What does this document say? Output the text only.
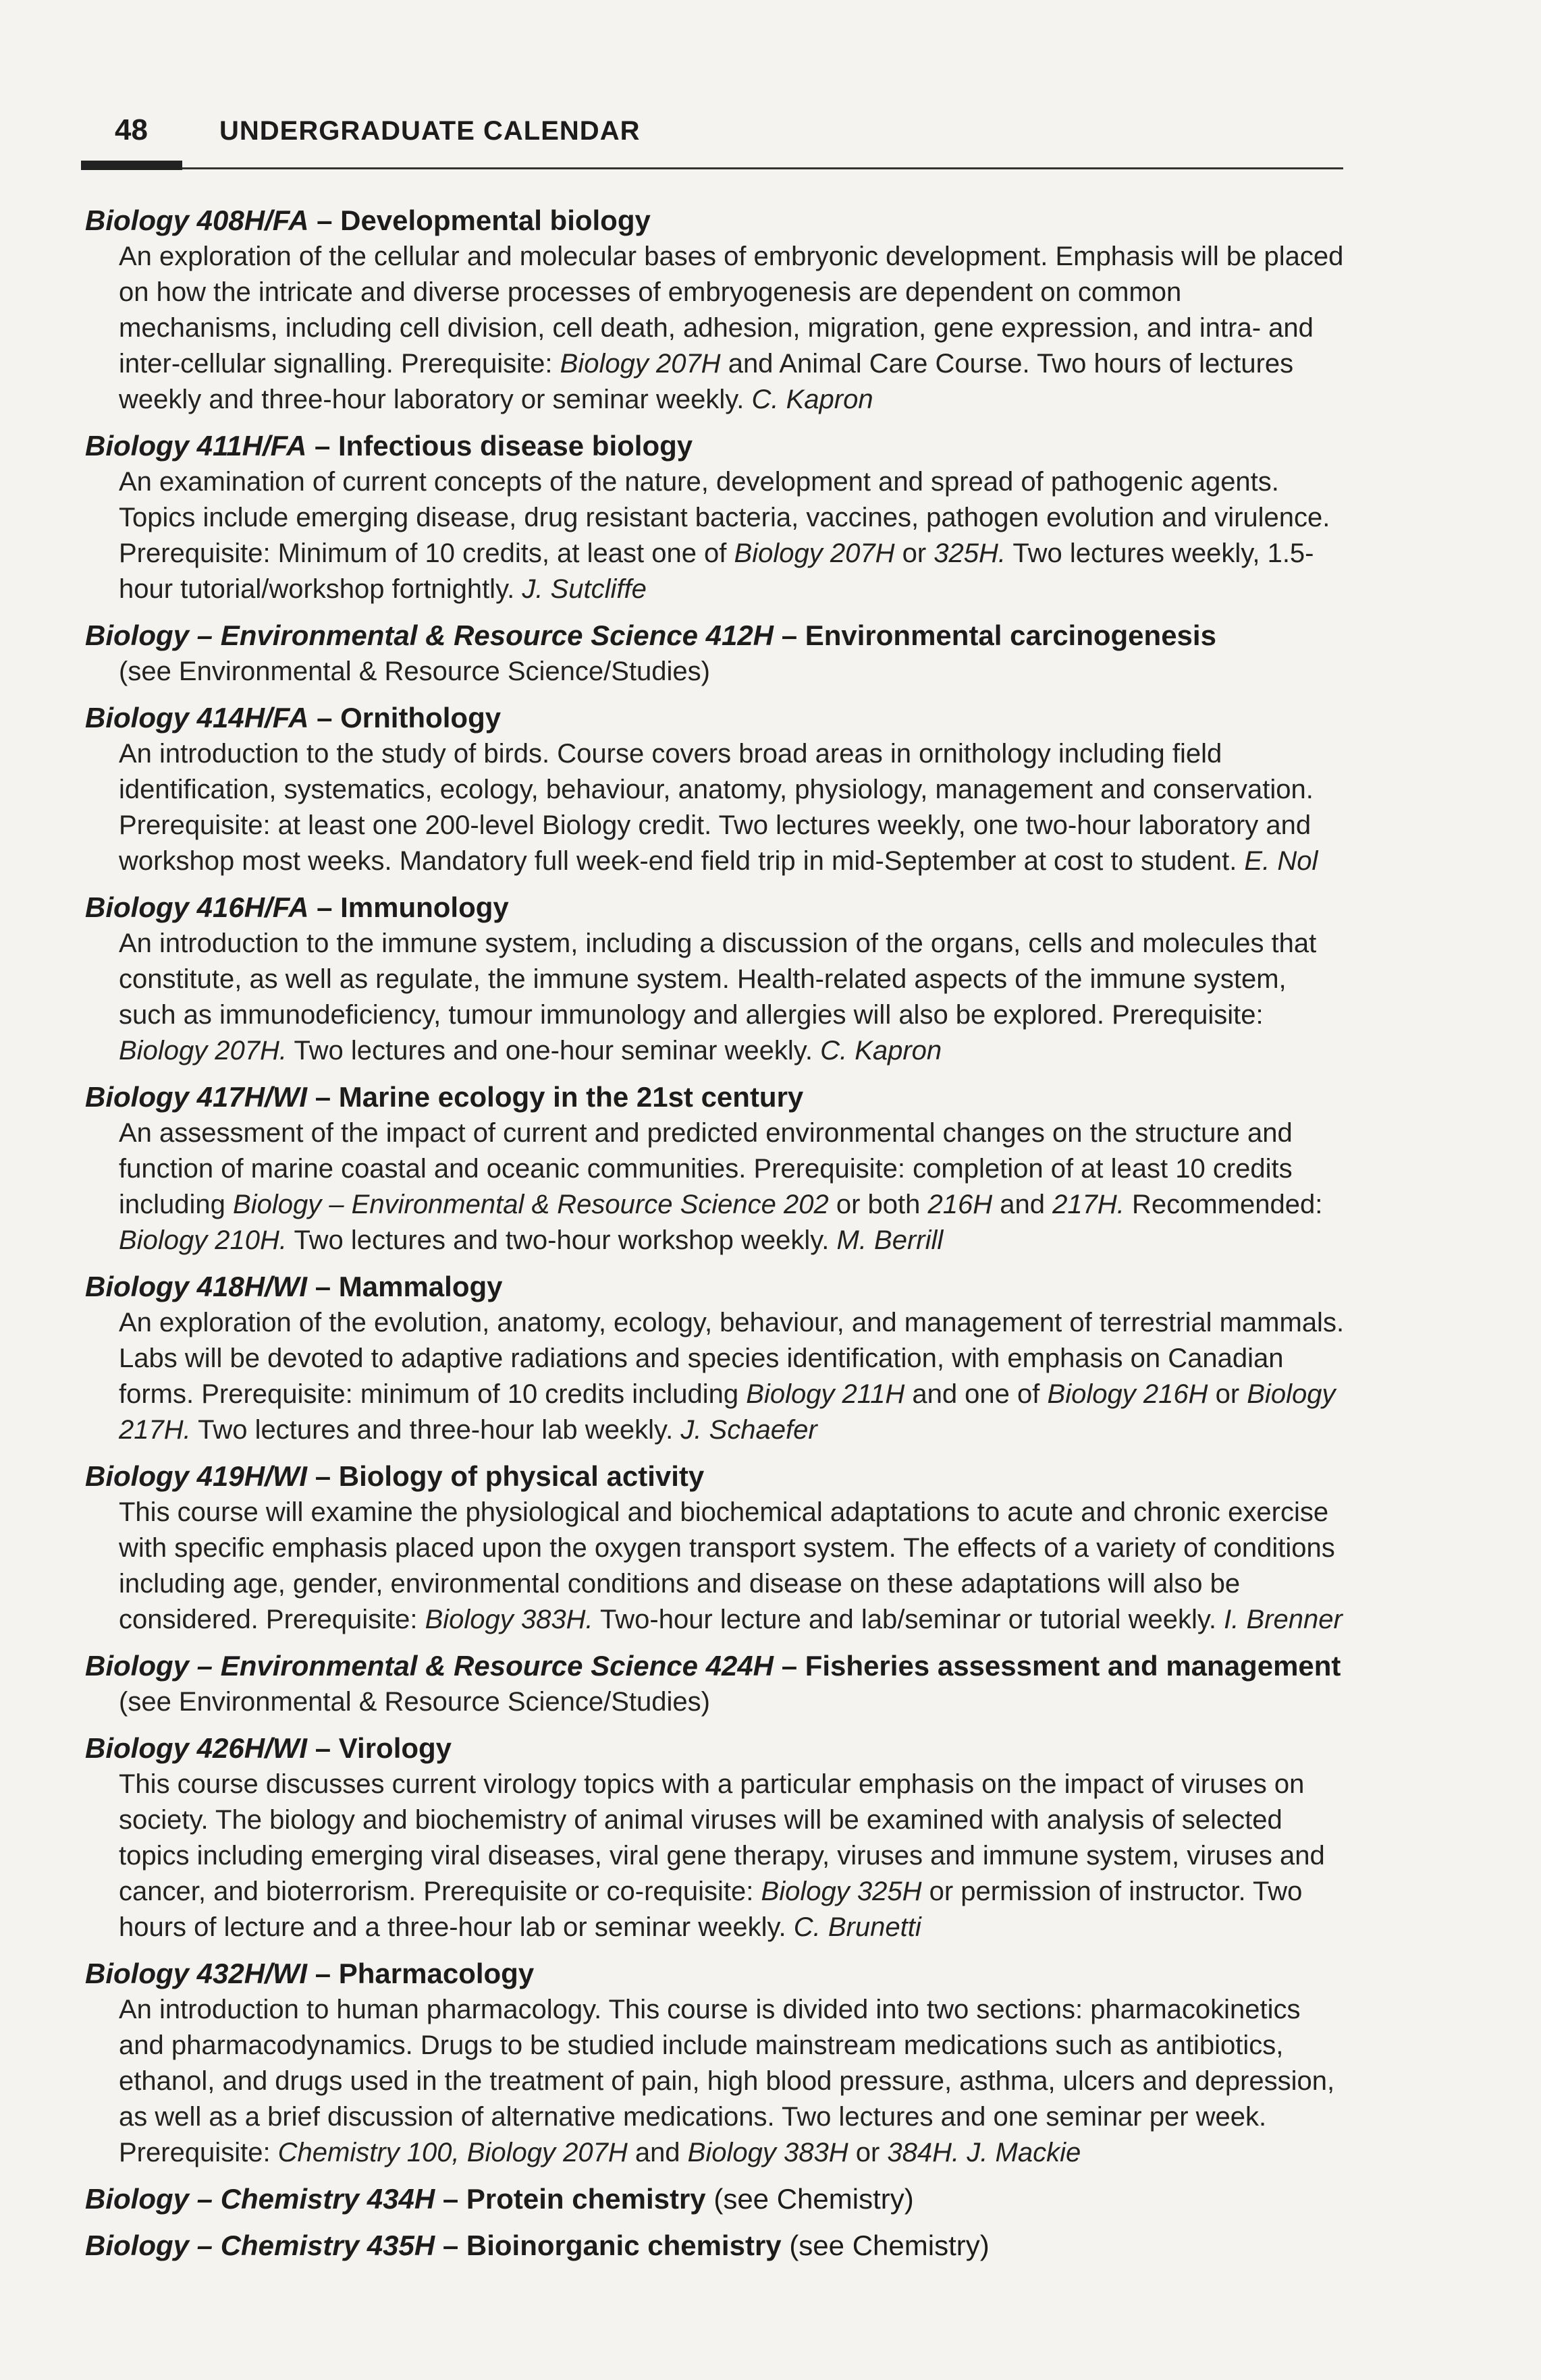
48	UNDERGRADUATE CALENDAR
Biology 408H/FA – Developmental biology
An exploration of the cellular and molecular bases of embryonic development. Emphasis will be placed on how the intricate and diverse processes of embryogenesis are dependent on common mechanisms, including cell division, cell death, adhesion, migration, gene expression, and intra- and inter-cellular signalling. Prerequisite: Biology 207H and Animal Care Course. Two hours of lectures weekly and three-hour laboratory or seminar weekly. C. Kapron
Biology 411H/FA – Infectious disease biology
An examination of current concepts of the nature, development and spread of pathogenic agents. Topics include emerging disease, drug resistant bacteria, vaccines, pathogen evolution and virulence. Prerequisite: Minimum of 10 credits, at least one of Biology 207H or 325H. Two lectures weekly, 1.5-hour tutorial/workshop fortnightly. J. Sutcliffe
Biology – Environmental & Resource Science 412H – Environmental carcinogenesis
(see Environmental & Resource Science/Studies)
Biology 414H/FA – Ornithology
An introduction to the study of birds. Course covers broad areas in ornithology including field identification, systematics, ecology, behaviour, anatomy, physiology, management and conservation. Prerequisite: at least one 200-level Biology credit. Two lectures weekly, one two-hour laboratory and workshop most weeks. Mandatory full week-end field trip in mid-September at cost to student. E. Nol
Biology 416H/FA – Immunology
An introduction to the immune system, including a discussion of the organs, cells and molecules that constitute, as well as regulate, the immune system. Health-related aspects of the immune system, such as immunodeficiency, tumour immunology and allergies will also be explored. Prerequisite: Biology 207H. Two lectures and one-hour seminar weekly. C. Kapron
Biology 417H/WI – Marine ecology in the 21st century
An assessment of the impact of current and predicted environmental changes on the structure and function of marine coastal and oceanic communities. Prerequisite: completion of at least 10 credits including Biology – Environmental & Resource Science 202 or both 216H and 217H. Recommended: Biology 210H. Two lectures and two-hour workshop weekly. M. Berrill
Biology 418H/WI – Mammalogy
An exploration of the evolution, anatomy, ecology, behaviour, and management of terrestrial mammals. Labs will be devoted to adaptive radiations and species identification, with emphasis on Canadian forms. Prerequisite: minimum of 10 credits including Biology 211H and one of Biology 216H or Biology 217H. Two lectures and three-hour lab weekly. J. Schaefer
Biology 419H/WI – Biology of physical activity
This course will examine the physiological and biochemical adaptations to acute and chronic exercise with specific emphasis placed upon the oxygen transport system. The effects of a variety of conditions including age, gender, environmental conditions and disease on these adaptations will also be considered. Prerequisite: Biology 383H. Two-hour lecture and lab/seminar or tutorial weekly. I. Brenner
Biology – Environmental & Resource Science 424H – Fisheries assessment and management
(see Environmental & Resource Science/Studies)
Biology 426H/WI – Virology
This course discusses current virology topics with a particular emphasis on the impact of viruses on society. The biology and biochemistry of animal viruses will be examined with analysis of selected topics including emerging viral diseases, viral gene therapy, viruses and immune system, viruses and cancer, and bioterrorism. Prerequisite or co-requisite: Biology 325H or permission of instructor. Two hours of lecture and a three-hour lab or seminar weekly. C. Brunetti
Biology 432H/WI – Pharmacology
An introduction to human pharmacology. This course is divided into two sections: pharmacokinetics and pharmacodynamics. Drugs to be studied include mainstream medications such as antibiotics, ethanol, and drugs used in the treatment of pain, high blood pressure, asthma, ulcers and depression, as well as a brief discussion of alternative medications. Two lectures and one seminar per week. Prerequisite: Chemistry 100, Biology 207H and Biology 383H or 384H. J. Mackie
Biology – Chemistry 434H – Protein chemistry (see Chemistry)
Biology – Chemistry 435H – Bioinorganic chemistry (see Chemistry)
